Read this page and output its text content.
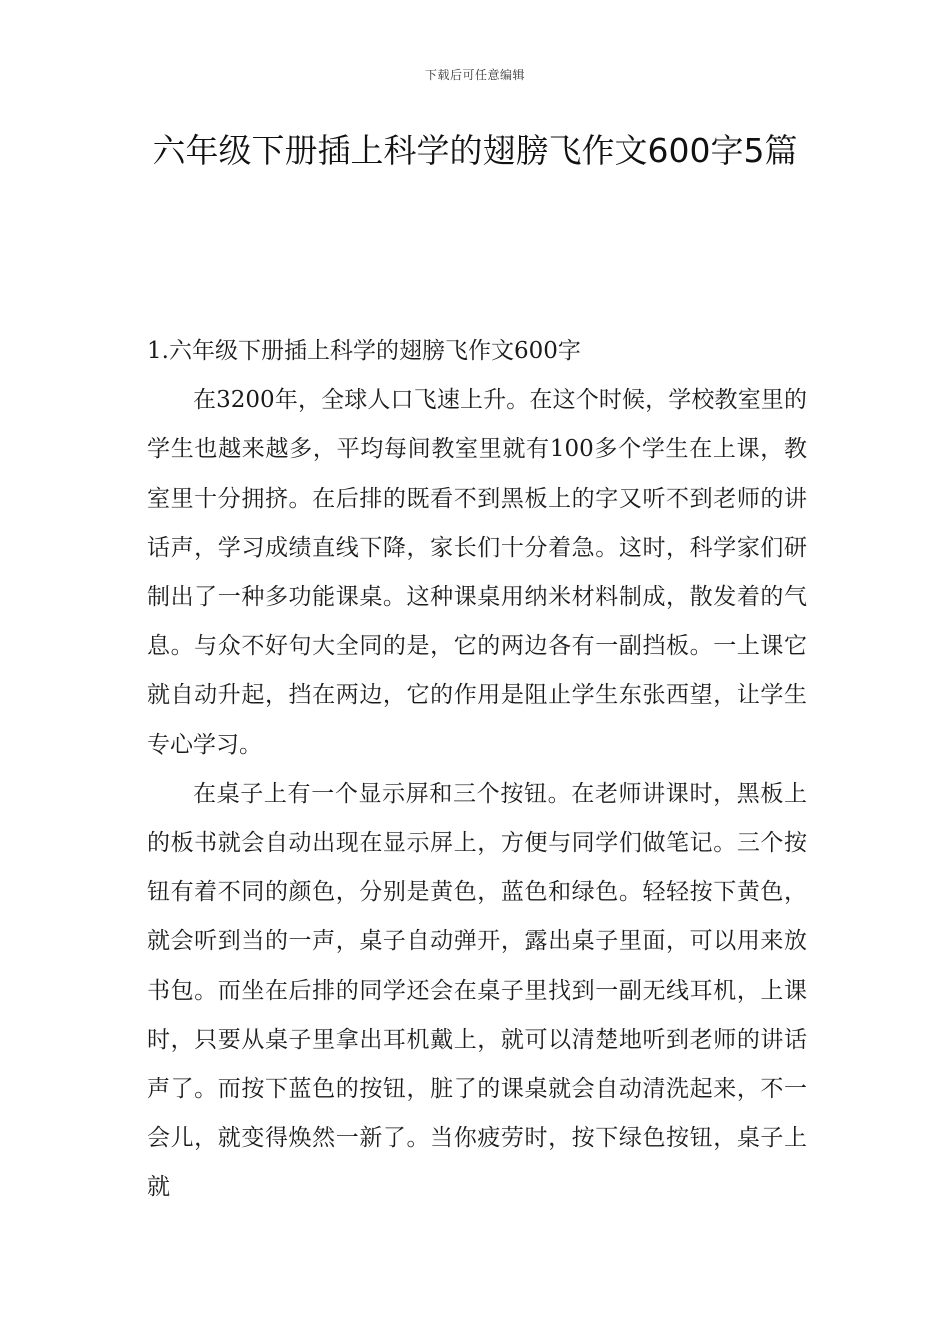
下载后可任意编辑
六年级下册插上科学的翅膀飞作文600字5篇
1.六年级下册插上科学的翅膀飞作文600字

在3200年，全球人口飞速上升。在这个时候，学校教室里的学生也越来越多，平均每间教室里就有100多个学生在上课，教室里十分拥挤。在后排的既看不到黑板上的字又听不到老师的讲话声，学习成绩直线下降，家长们十分着急。这时，科学家们研制出了一种多功能课桌。这种课桌用纳米材料制成，散发着的气息。与众不好句大全同的是，它的两边各有一副挡板。一上课它就自动升起，挡在两边，它的作用是阻止学生东张西望，让学生专心学习。

在桌子上有一个显示屏和三个按钮。在老师讲课时，黑板上的板书就会自动出现在显示屏上，方便与同学们做笔记。三个按钮有着不同的颜色，分别是黄色，蓝色和绿色。轻轻按下黄色，就会听到当的一声，桌子自动弹开，露出桌子里面，可以用来放书包。而坐在后排的同学还会在桌子里找到一副无线耳机，上课时，只要从桌子里拿出耳机戴上，就可以清楚地听到老师的讲话声了。而按下蓝色的按钮，脏了的课桌就会自动清洗起来，不一会儿，就变得焕然一新了。当你疲劳时，按下绿色按钮，桌子上就
